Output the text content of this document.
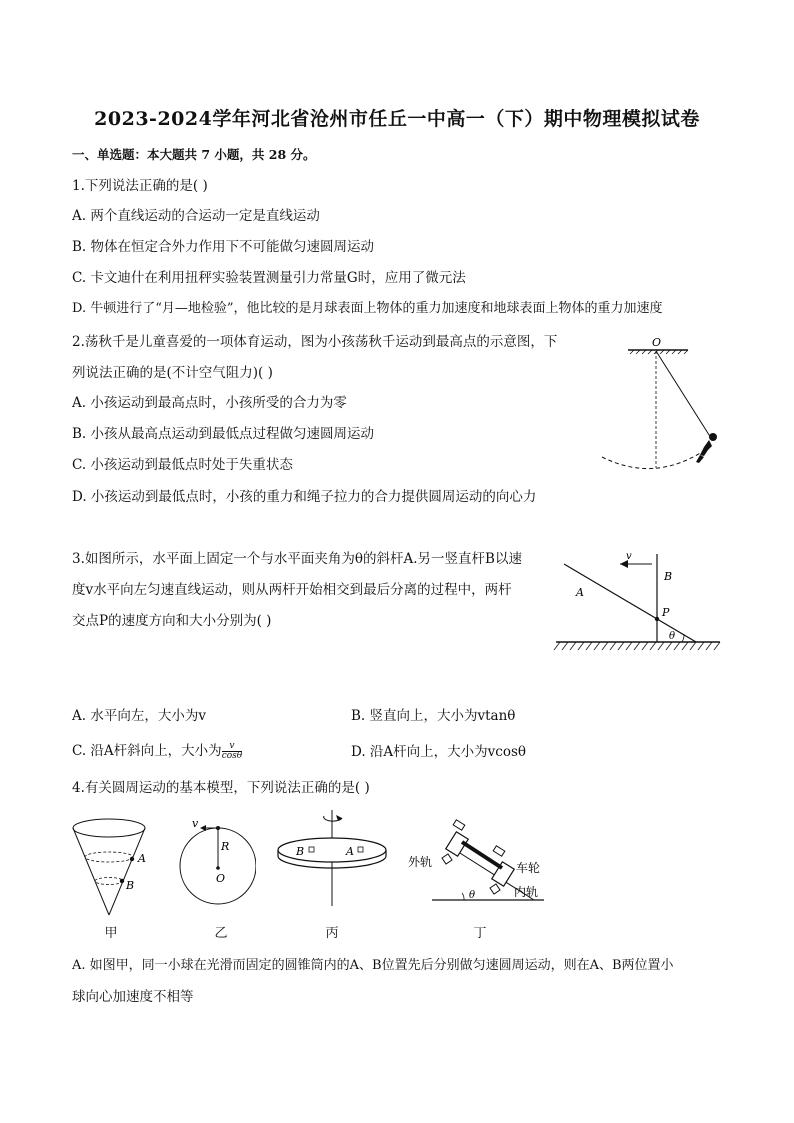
2023-2024学年河北省沧州市任丘一中高一（下）期中物理模拟试卷
一、单选题：本大题共 7 小题，共 28 分。
1.下列说法正确的是( )
A. 两个直线运动的合运动一定是直线运动
B. 物体在恒定合外力作用下不可能做匀速圆周运动
C. 卡文迪什在利用扭秤实验装置测量引力常量G时，应用了微元法
D. 牛顿进行了“月—地检验”，他比较的是月球表面上物体的重力加速度和地球表面上物体的重力加速度
2.荡秋千是儿童喜爱的一项体育运动，图为小孩荡秋千运动到最高点的示意图，下
列说法正确的是(不计空气阻力)( )
A. 小孩运动到最高点时，小孩所受的合力为零
B. 小孩从最高点运动到最低点过程做匀速圆周运动
C. 小孩运动到最低点时处于失重状态
D. 小孩运动到最低点时，小孩的重力和绳子拉力的合力提供圆周运动的向心力
O
3.如图所示，水平面上固定一个与水平面夹角为θ的斜杆A.另一竖直杆B以速
度v水平向左匀速直线运动，则从两杆开始相交到最后分离的过程中，两杆
交点P的速度方向和大小分别为( )
v
B
A
P
θ
A. 水平向左，大小为v	B. 竖直向上，大小为vtanθ
C. 沿A杆斜向上，大小为 $\frac{v}{\cos\theta}$	D. 沿A杆向上，大小为vcosθ
4.有关圆周运动的基本模型，下列说法正确的是( )
A
B
v
R
O
B	A
外轨	车轮
内轨
θ
甲	乙	丙	丁
A. 如图甲，同一小球在光滑而固定的圆锥筒内的A、B位置先后分别做匀速圆周运动，则在A、B两位置小
球向心加速度不相等
